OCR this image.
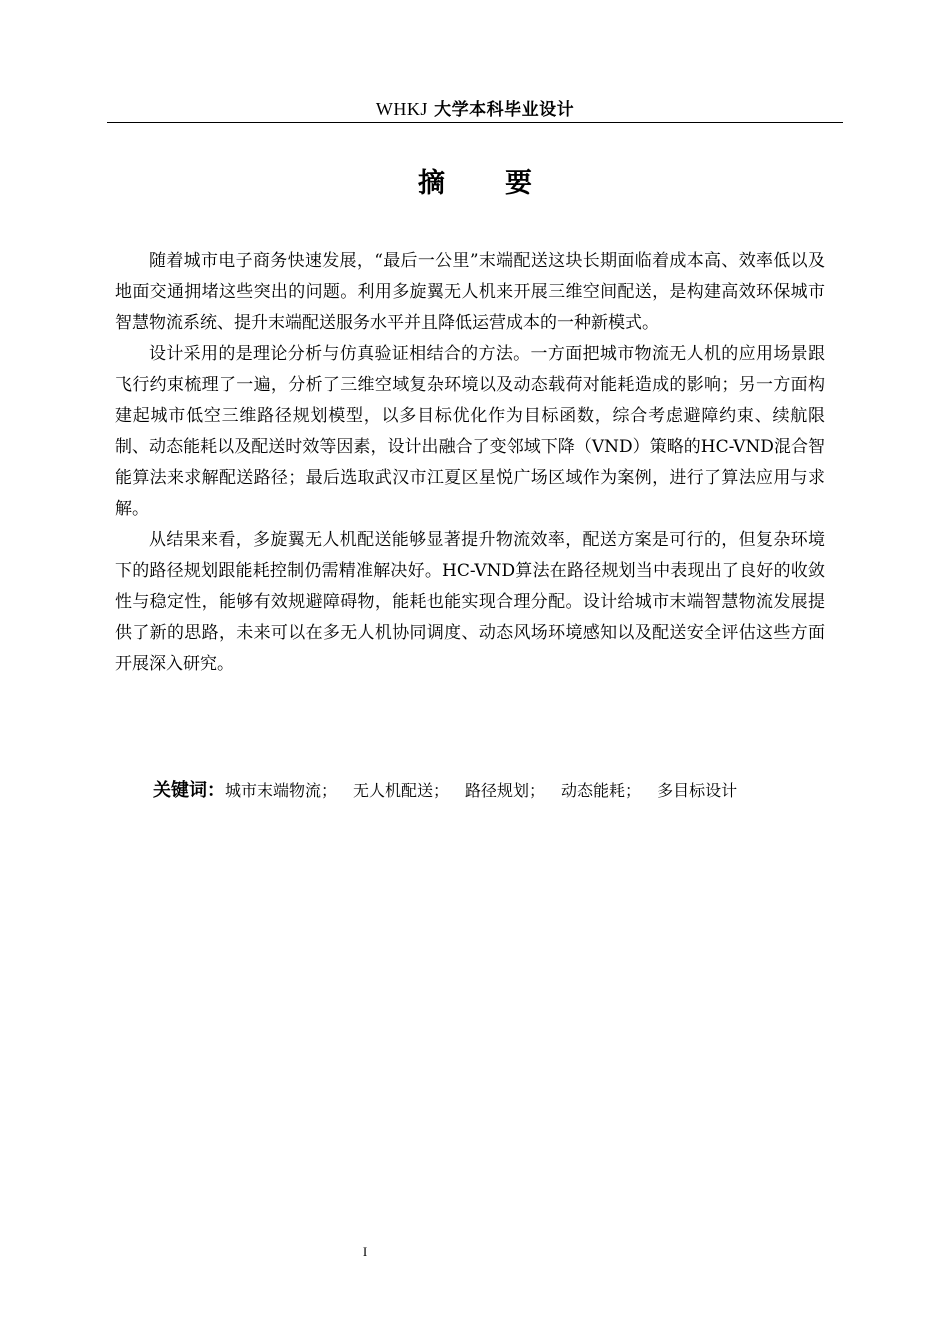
WHKJ 大学本科毕业设计
摘要

随着城市电子商务快速发展，“最后一公里”末端配送这块长期面临着成本高、效率低以及地面交通拥堵这些突出的问题。利用多旋翼无人机来开展三维空间配送，是构建高效环保城市智慧物流系统、提升末端配送服务水平并且降低运营成本的一种新模式。

设计采用的是理论分析与仿真验证相结合的方法。一方面把城市物流无人机的应用场景跟飞行约束梳理了一遍，分析了三维空域复杂环境以及动态载荷对能耗造成的影响；另一方面构建起城市低空三维路径规划模型，以多目标优化作为目标函数，综合考虑避障约束、续航限制、动态能耗以及配送时效等因素，设计出融合了变邻域下降（VND）策略的HC-VND混合智能算法来求解配送路径；最后选取武汉市江夏区星悦广场区域作为案例，进行了算法应用与求解。

从结果来看，多旋翼无人机配送能够显著提升物流效率，配送方案是可行的，但复杂环境下的路径规划跟能耗控制仍需精准解决好。HC-VND算法在路径规划当中表现出了良好的收敛性与稳定性，能够有效规避障碍物，能耗也能实现合理分配。设计给城市末端智慧物流发展提供了新的思路，未来可以在多无人机协同调度、动态风场环境感知以及配送安全评估这些方面开展深入研究。

关键词：城市末端物流； 无人机配送； 路径规划； 动态能耗； 多目标设计
I
